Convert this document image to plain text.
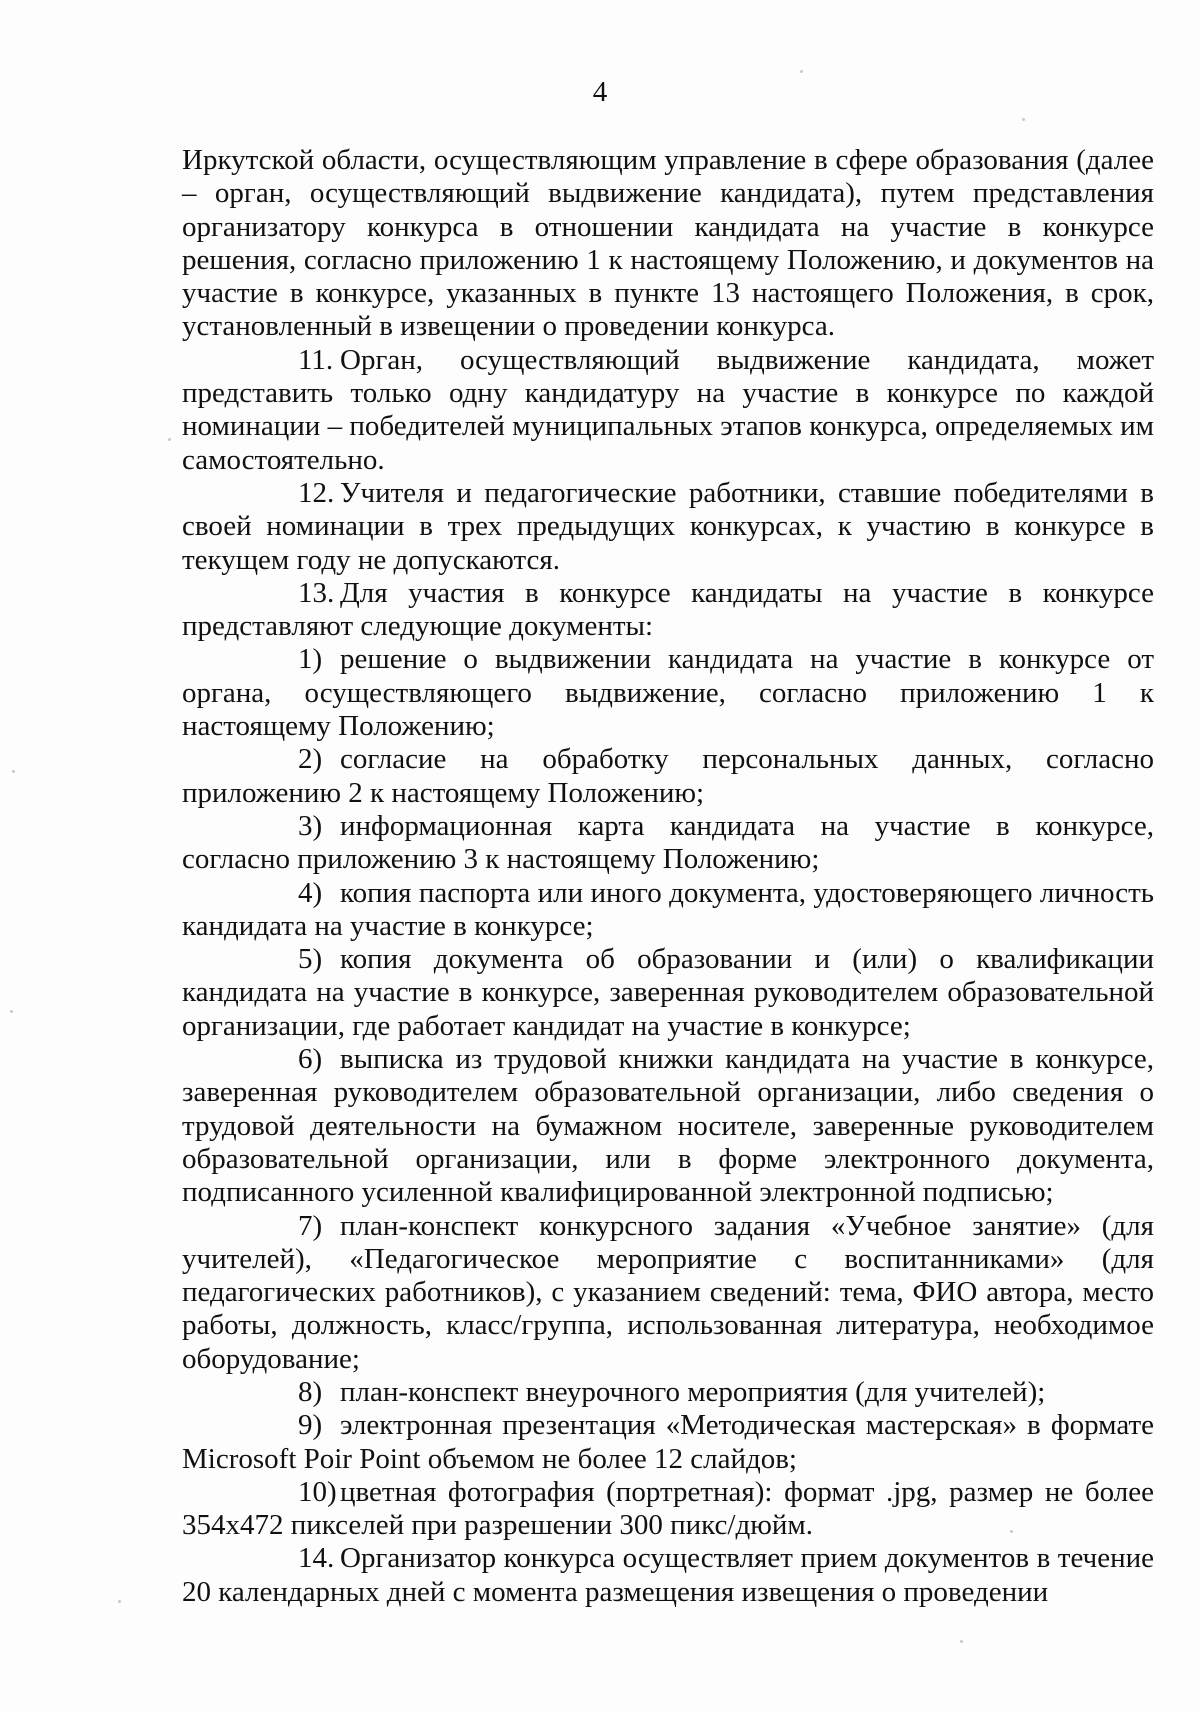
4

Иркутской области, осуществляющим управление в сфере образования (далее – орган, осуществляющий выдвижение кандидата), путем представления организатору конкурса в отношении кандидата на участие в конкурсе решения, согласно приложению 1 к настоящему Положению, и документов на участие в конкурсе, указанных в пункте 13 настоящего Положения, в срок, установленный в извещении о проведении конкурса.

11. Орган, осуществляющий выдвижение кандидата, может представить только одну кандидатуру на участие в конкурсе по каждой номинации – победителей муниципальных этапов конкурса, определяемых им самостоятельно.

12. Учителя и педагогические работники, ставшие победителями в своей номинации в трех предыдущих конкурсах, к участию в конкурсе в текущем году не допускаются.

13. Для участия в конкурсе кандидаты на участие в конкурсе представляют следующие документы:

1) решение о выдвижении кандидата на участие в конкурсе от органа, осуществляющего выдвижение, согласно приложению 1 к настоящему Положению;

2) согласие на обработку персональных данных, согласно приложению 2 к настоящему Положению;

3) информационная карта кандидата на участие в конкурсе, согласно приложению 3 к настоящему Положению;

4) копия паспорта или иного документа, удостоверяющего личность кандидата на участие в конкурсе;

5) копия документа об образовании и (или) о квалификации кандидата на участие в конкурсе, заверенная руководителем образовательной организации, где работает кандидат на участие в конкурсе;

6) выписка из трудовой книжки кандидата на участие в конкурсе, заверенная руководителем образовательной организации, либо сведения о трудовой деятельности на бумажном носителе, заверенные руководителем образовательной организации, или в форме электронного документа, подписанного усиленной квалифицированной электронной подписью;

7) план-конспект конкурсного задания «Учебное занятие» (для учителей), «Педагогическое мероприятие с воспитанниками» (для педагогических работников), с указанием сведений: тема, ФИО автора, место работы, должность, класс/группа, использованная литература, необходимое оборудование;

8) план-конспект внеурочного мероприятия (для учителей);

9) электронная презентация «Методическая мастерская» в формате Microsoft Poir Point объемом не более 12 слайдов;

10) цветная фотография (портретная): формат .jpg, размер не более 354х472 пикселей при разрешении 300 пикс/дюйм.

14. Организатор конкурса осуществляет прием документов в течение 20 календарных дней с момента размещения извещения о проведении
